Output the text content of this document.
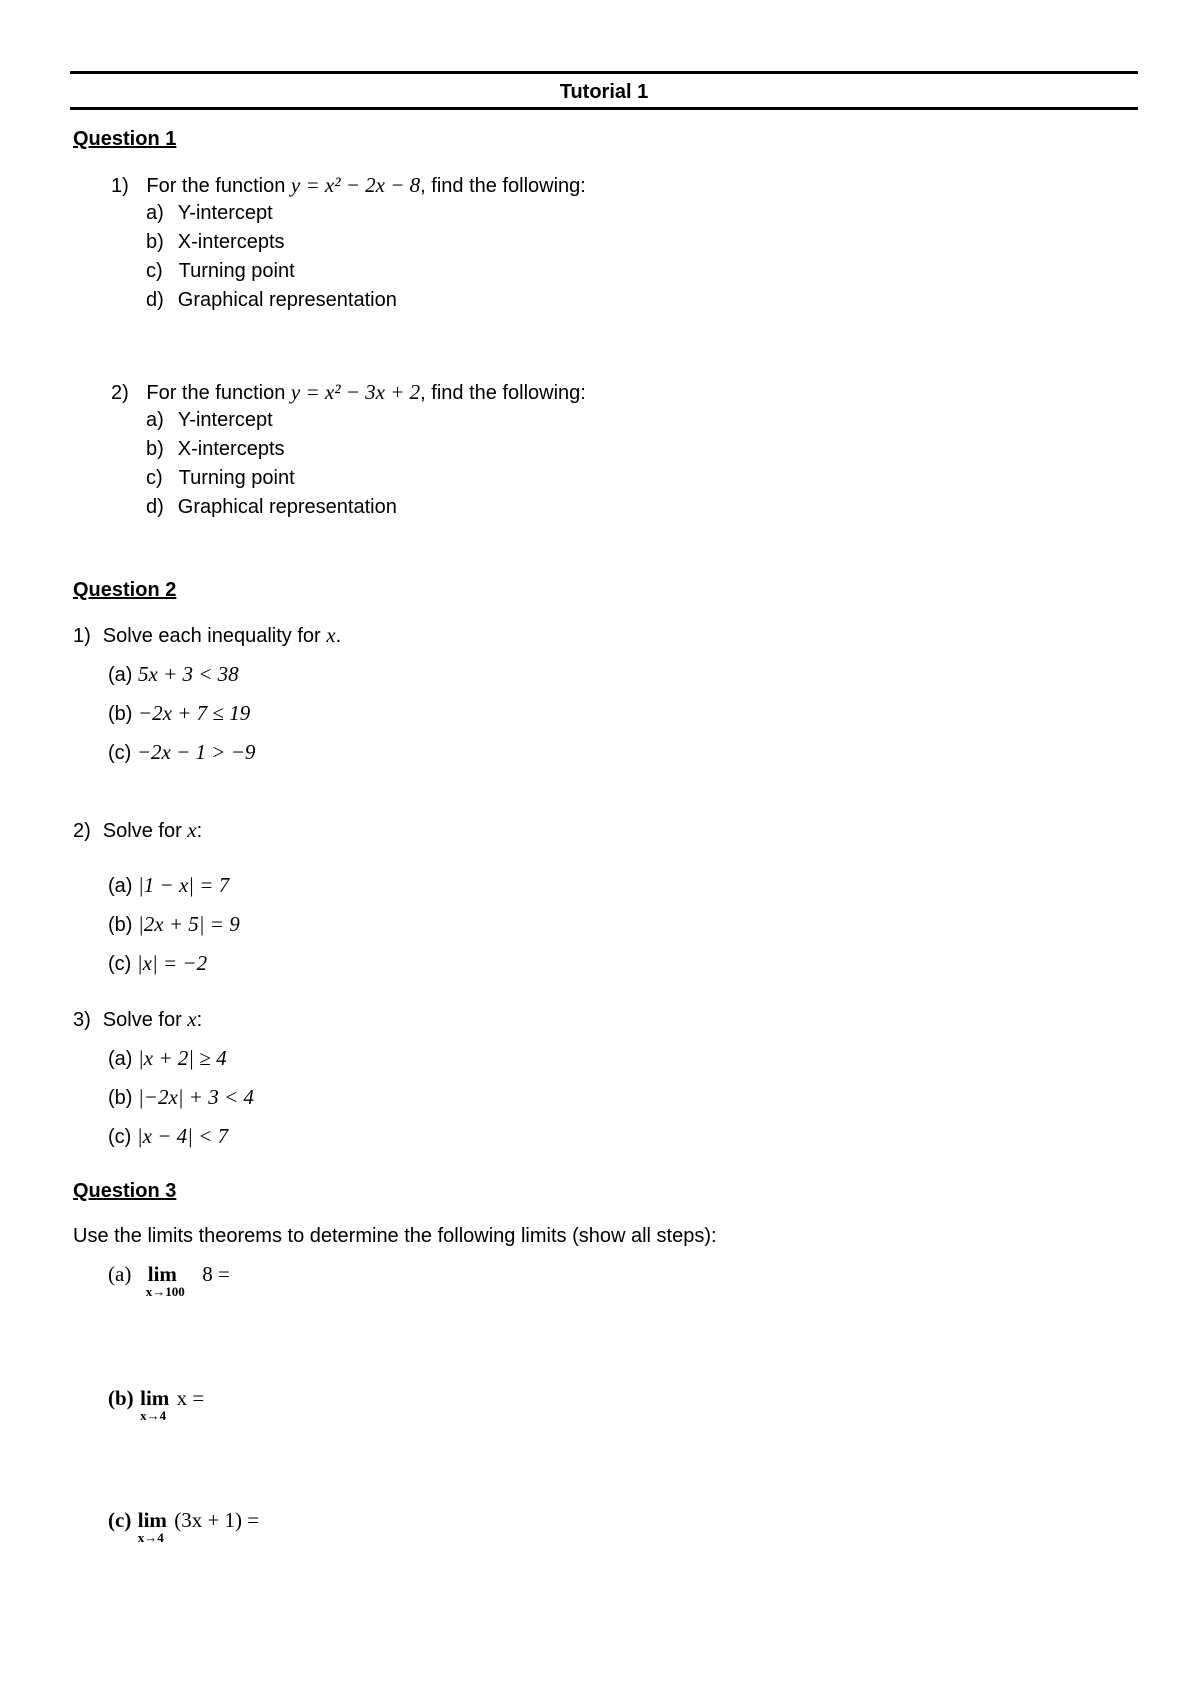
Tutorial 1
Question 1
1) For the function y = x² − 2x − 8, find the following:
a) Y-intercept
b) X-intercepts
c) Turning point
d) Graphical representation
2) For the function y = x² − 3x + 2, find the following:
a) Y-intercept
b) X-intercepts
c) Turning point
d) Graphical representation
Question 2
1) Solve each inequality for x.
(a) 5x + 3 < 38
(b) −2x + 7 ≤ 19
(c) −2x − 1 > −9
2) Solve for x:
(a) |1 − x| = 7
(b) |2x + 5| = 9
(c) |x| = −2
3) Solve for x:
(a) |x + 2| ≥ 4
(b) |−2x| + 3 < 4
(c) |x − 4| < 7
Question 3
Use the limits theorems to determine the following limits (show all steps):
(a) lim
x→100
8 =
(b) lim
x→4
x =
(c) lim
x→4
(3x + 1) =
